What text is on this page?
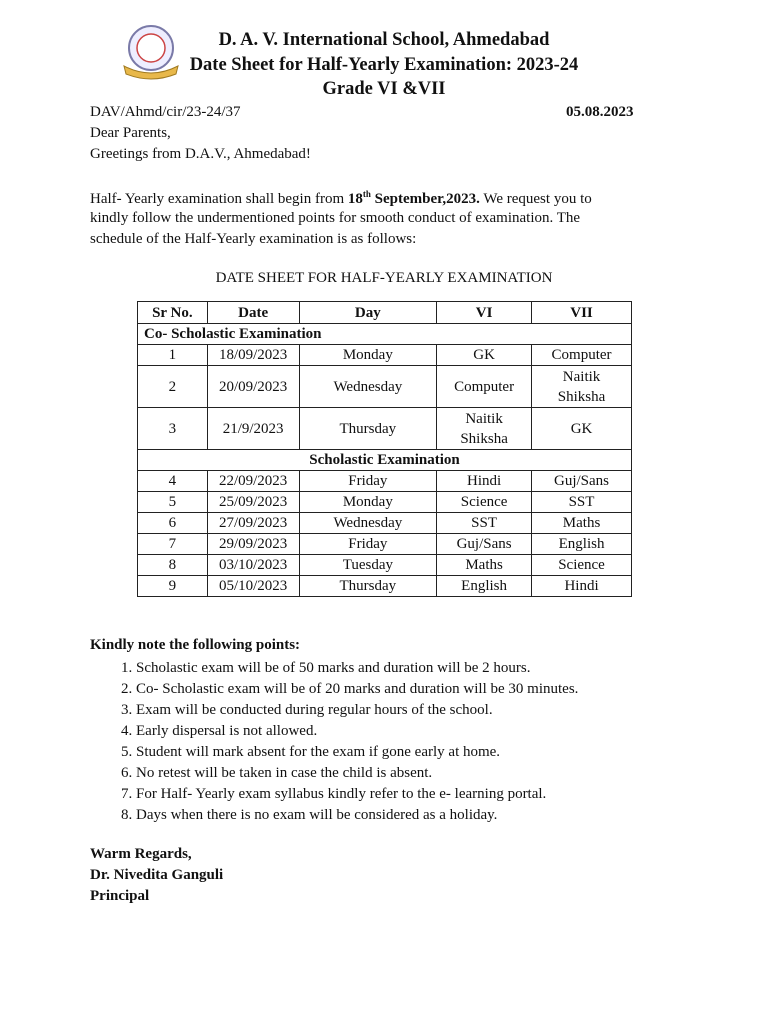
D. A. V. International School, Ahmedabad
Date Sheet for Half-Yearly Examination: 2023-24
Grade VI &VII
DAV/Ahmd/cir/23-24/37	05.08.2023
Dear Parents,
Greetings from D.A.V., Ahmedabad!
Half- Yearly examination shall begin from 18th September,2023. We request you to
kindly follow the undermentioned points for smooth conduct of examination. The
schedule of the Half-Yearly examination is as follows:
DATE SHEET FOR HALF-YEARLY EXAMINATION
Sr No.	Date	Day	VI	VII
Co- Scholastic Examination				
1	18/09/2023	Monday	GK	Computer
2	20/09/2023	Wednesday	Computer	Naitik Shiksha
3	21/9/2023	Thursday	Naitik Shiksha	GK
Scholastic Examination				
4	22/09/2023	Friday	Hindi	Guj/Sans
5	25/09/2023	Monday	Science	SST
6	27/09/2023	Wednesday	SST	Maths
7	29/09/2023	Friday	Guj/Sans	English
8	03/10/2023	Tuesday	Maths	Science
9	05/10/2023	Thursday	English	Hindi
Kindly note the following points:
1. Scholastic exam will be of 50 marks and duration will be 2 hours.
2. Co- Scholastic exam will be of 20 marks and duration will be 30 minutes.
3. Exam will be conducted during regular hours of the school.
4. Early dispersal is not allowed.
5. Student will mark absent for the exam if gone early at home.
6. No retest will be taken in case the child is absent.
7. For Half- Yearly exam syllabus kindly refer to the e- learning portal.
8. Days when there is no exam will be considered as a holiday.
Warm Regards,
Dr. Nivedita Ganguli
Principal
